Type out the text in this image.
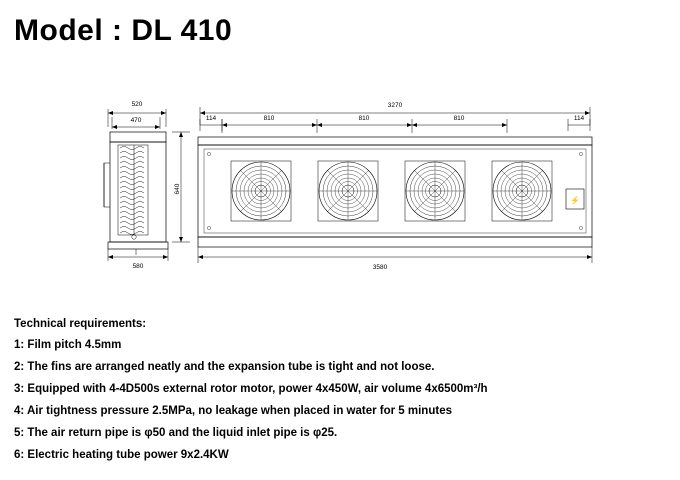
Model : DL 410
520
470
640
580
3270
114	114
810	810	810
3580
⚡
Technical requirements:
1: Film pitch 4.5mm
2: The fins are arranged neatly and the expansion tube is tight and not loose.
3: Equipped with 4-4D500s external rotor motor, power 4x450W, air volume 4x6500m³/h
4: Air tightness pressure 2.5MPa, no leakage when placed in water for 5 minutes
5: The air return pipe is φ50 and the liquid inlet pipe is φ25.
6: Electric heating tube power 9x2.4KW
